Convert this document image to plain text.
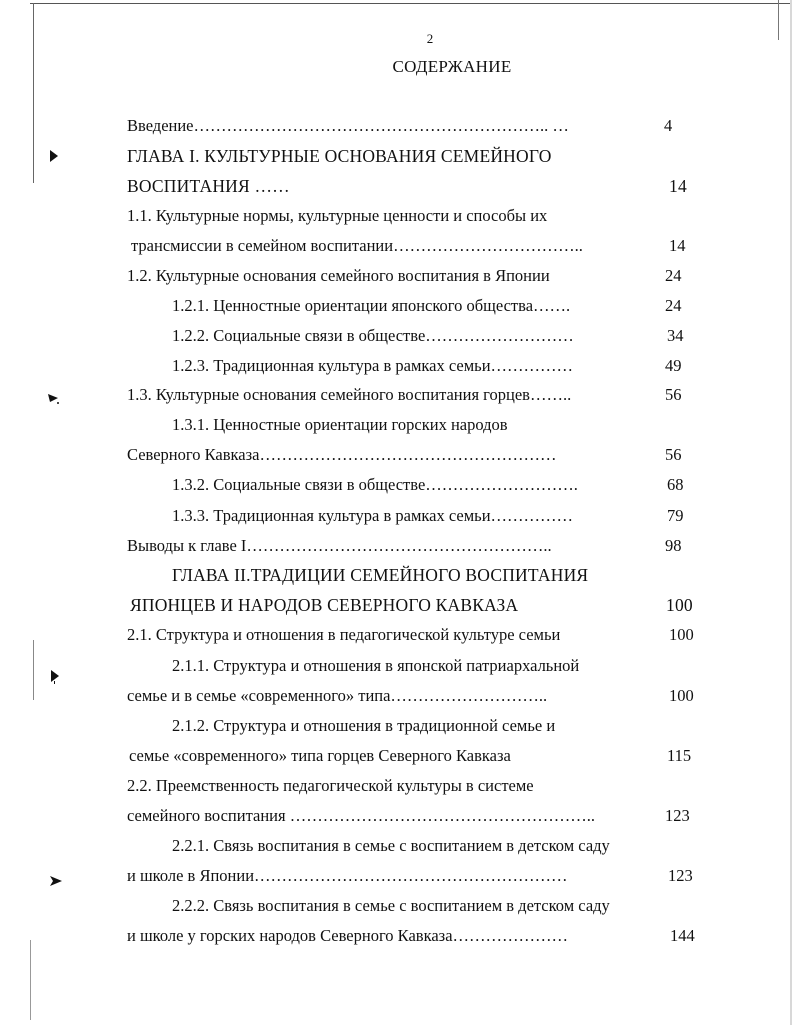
2
СОДЕРЖАНИЕ
Введение……………………………………………………….. …	4
ГЛАВА I. КУЛЬТУРНЫЕ ОСНОВАНИЯ СЕМЕЙНОГО
ВОСПИТАНИЯ ……	14
1.1. Культурные нормы, культурные ценности и способы их
трансмиссии в семейном воспитании……………………………..	14
1.2. Культурные основания семейного воспитания в Японии	24
1.2.1. Ценностные ориентации японского общества…….	24
1.2.2. Социальные связи в обществе………………………	34
1.2.3. Традиционная культура в рамках семьи……………	49
1.3. Культурные основания семейного воспитания горцев……..	56
1.3.1. Ценностные ориентации горских народов
Северного Кавказа………………………………………………	56
1.3.2. Социальные связи в обществе……………………….	68
1.3.3. Традиционная культура в рамках семьи……………	79
Выводы к главе I………………………………………………..	98
ГЛАВА II.ТРАДИЦИИ СЕМЕЙНОГО ВОСПИТАНИЯ
ЯПОНЦЕВ И НАРОДОВ СЕВЕРНОГО КАВКАЗА	100
2.1. Структура и отношения в педагогической культуре семьи	100
2.1.1. Структура и отношения в японской патриархальной
семье и в семье «современного» типа………………………..	100
2.1.2. Структура и отношения в традиционной семье и
семье «современного» типа горцев Северного Кавказа	115
2.2. Преемственность педагогической культуры в системе
семейного воспитания ………………………………………………..	123
2.2.1. Связь воспитания в семье с воспитанием в детском саду
и школе в Японии…………………………………………………	123
2.2.2. Связь воспитания в семье с воспитанием в детском саду
и школе у горских народов Северного Кавказа…………………	144
